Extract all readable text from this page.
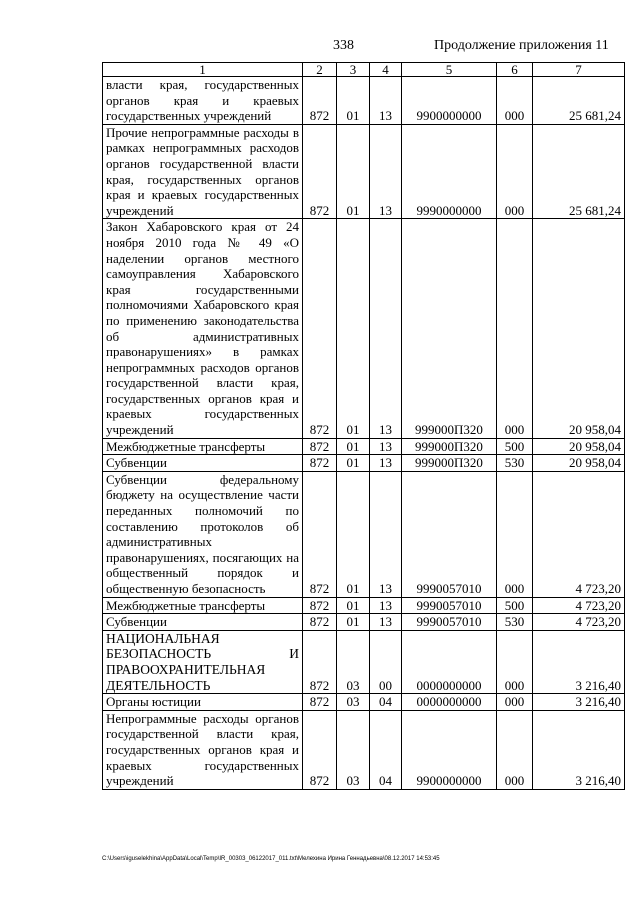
338	Продолжение приложения 11
1	2	3	4	5	6	7
власти края, государственных органов края и краевых государственных учреждений	872	01	13	9900000000	000	25 681,24
Прочие непрограммные расходы в рамках непрограммных расходов органов государственной власти края, государственных органов края и краевых государственных учреждений	872	01	13	9990000000	000	25 681,24
Закон Хабаровского края от 24 ноября 2010 года № 49 «О наделении органов местного самоуправления Хабаровского края государственными полномочиями Хабаровского края по применению законодательства об административных правонарушениях» в рамках непрограммных расходов органов государственной власти края, государственных органов края и краевых государственных учреждений	872	01	13	999000П320	000	20 958,04
Межбюджетные трансферты	872	01	13	999000П320	500	20 958,04
Субвенции	872	01	13	999000П320	530	20 958,04
Субвенции федеральному бюджету на осуществление части переданных полномочий по составлению протоколов об административных правонарушениях, посягающих на общественный порядок и общественную безопасность	872	01	13	9990057010	000	4 723,20
Межбюджетные трансферты	872	01	13	9990057010	500	4 723,20
Субвенции	872	01	13	9990057010	530	4 723,20
НАЦИОНАЛЬНАЯ БЕЗОПАСНОСТЬ И ПРАВООХРАНИТЕЛЬНАЯ ДЕЯТЕЛЬНОСТЬ	872	03	00	0000000000	000	3 216,40
Органы юстиции	872	03	04	0000000000	000	3 216,40
Непрограммные расходы органов государственной власти края, государственных органов края и краевых государственных учреждений	872	03	04	9900000000	000	3 216,40
C:\Users\iguselekhina\AppData\Local\Temp\IR_00303_06122017_011.txt\Мелехина Ирина Геннадьевна\08.12.2017 14:53:45
